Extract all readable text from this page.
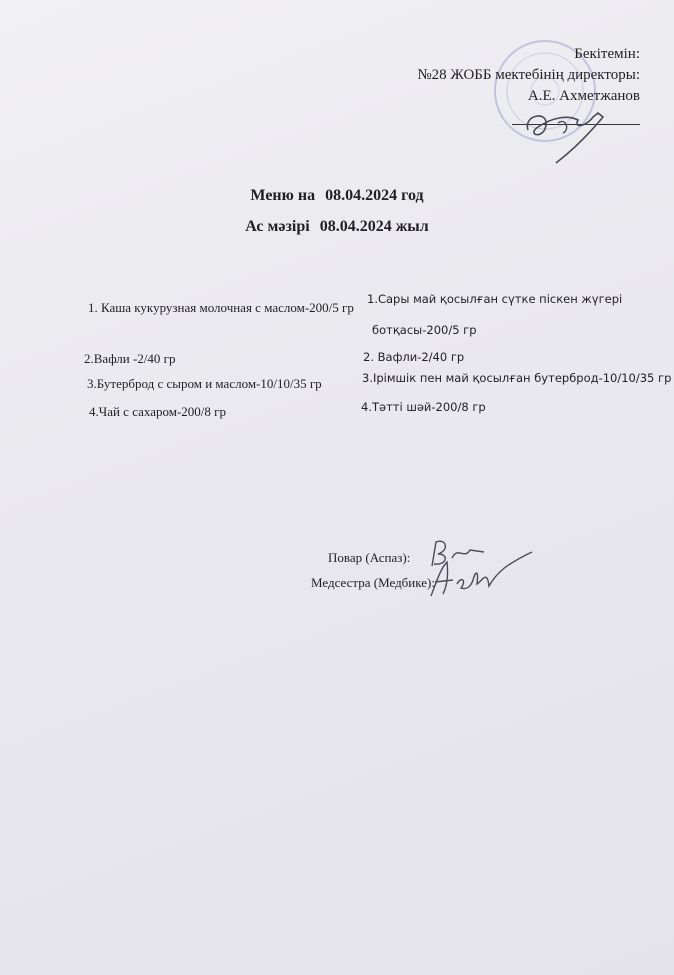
Бекітемін:
№28 ЖОББ мектебінің директоры:
А.Е. Ахметжанов
Меню на 08.04.2024 год
Ас мәзірі 08.04.2024 жыл
1. Каша кукурузная молочная с маслом-200/5 гр
2.Вафли -2/40 гр
3.Бутерброд с сыром и маслом-10/10/35 гр
4.Чай с сахаром-200/8 гр
1.Сары май қосылған сүтке піскен жүгері
ботқасы-200/5 гр
2. Вафли-2/40 гр
3.Ірімшік пен май қосылған бутерброд-10/10/35 гр
4.Тәтті шәй-200/8 гр
Повар (Аспаз):
Медсестра (Медбике):
